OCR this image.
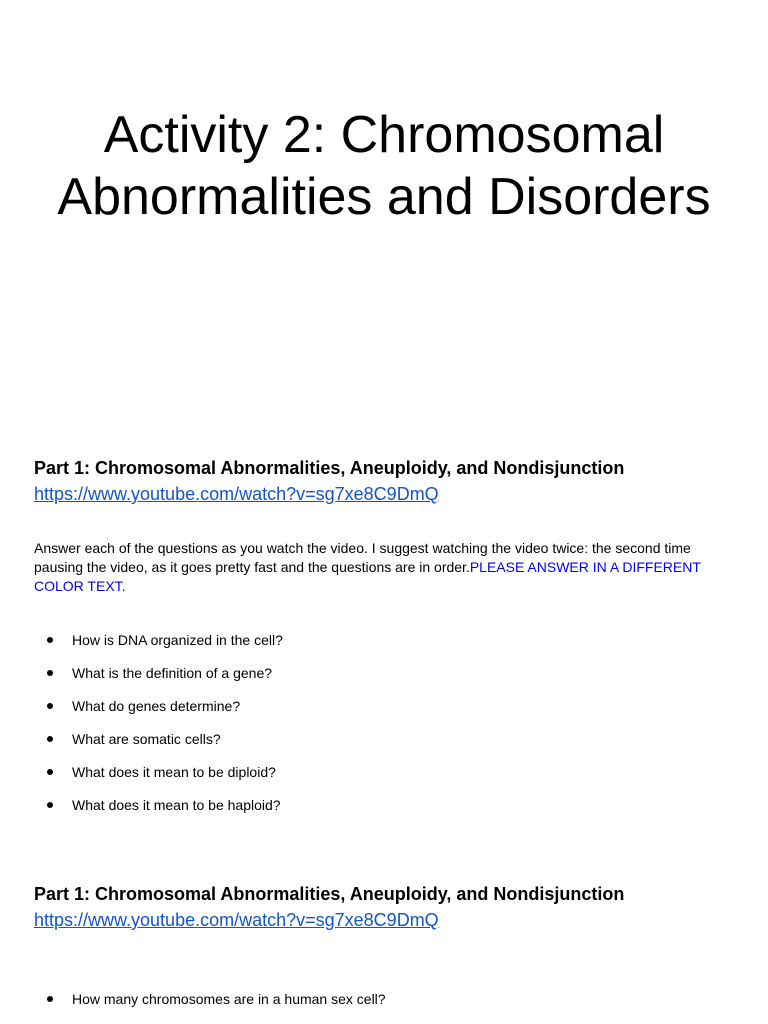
Activity 2: Chromosomal
Abnormalities and Disorders

Part 1: Chromosomal Abnormalities, Aneuploidy, and Nondisjunction

https://www.youtube.com/watch?v=sg7xe8C9DmQ

Answer each of the questions as you watch the video. I suggest watching the video twice: the second time pausing the video, as it goes pretty fast and the questions are in order.PLEASE ANSWER IN A DIFFERENT COLOR TEXT.

How is DNA organized in the cell?
What is the definition of a gene?
What do genes determine?
What are somatic cells?
What does it mean to be diploid?
What does it mean to be haploid?

Part 1: Chromosomal Abnormalities, Aneuploidy, and Nondisjunction

https://www.youtube.com/watch?v=sg7xe8C9DmQ
How many chromosomes are in a human sex cell?
